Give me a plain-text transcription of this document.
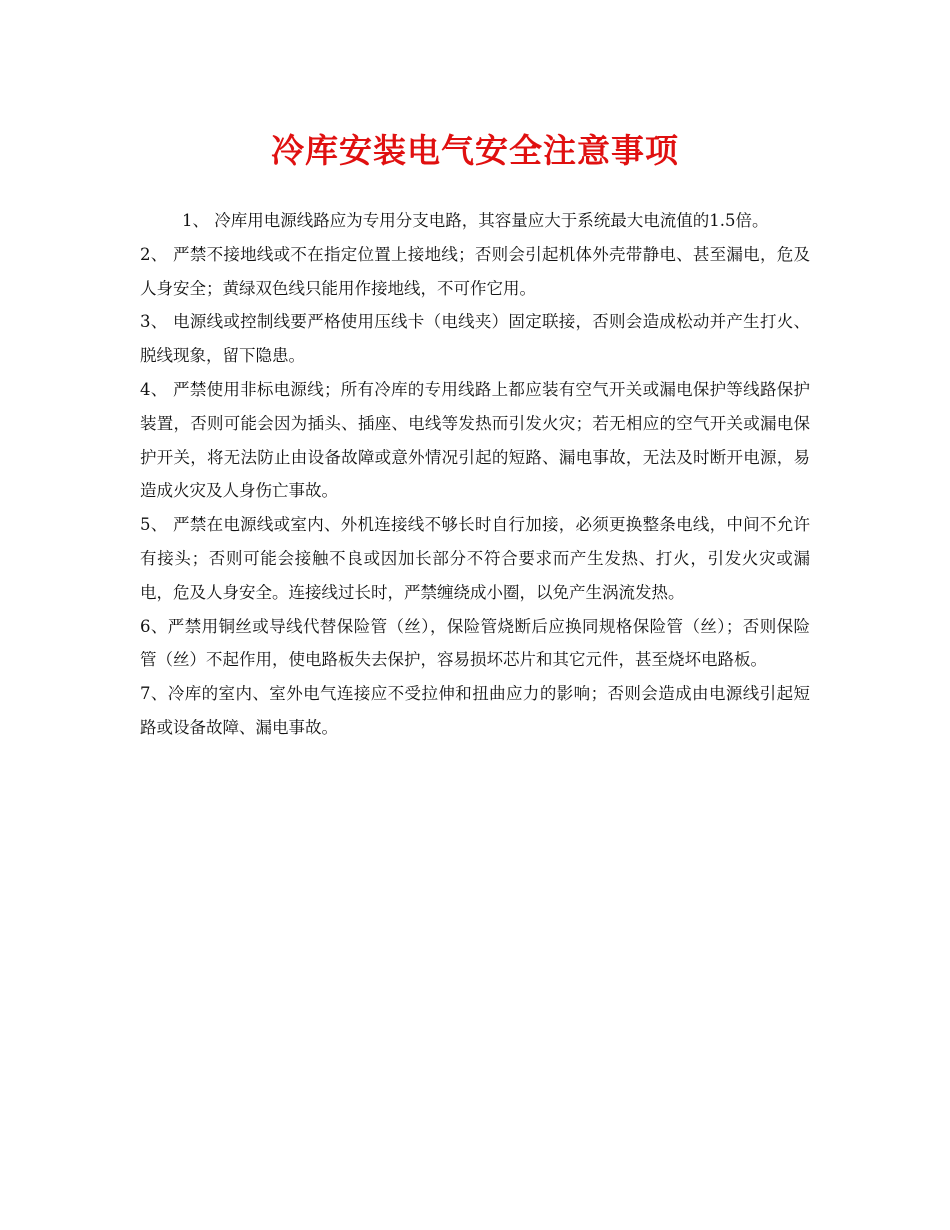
冷库安装电气安全注意事项

1、 冷库用电源线路应为专用分支电路，其容量应大于系统最大电流值的1.5倍。

2、 严禁不接地线或不在指定位置上接地线；否则会引起机体外壳带静电、甚至漏电，危及人身安全；黄绿双色线只能用作接地线，不可作它用。

3、 电源线或控制线要严格使用压线卡（电线夹）固定联接，否则会造成松动并产生打火、脱线现象，留下隐患。

4、 严禁使用非标电源线；所有冷库的专用线路上都应装有空气开关或漏电保护等线路保护装置，否则可能会因为插头、插座、电线等发热而引发火灾；若无相应的空气开关或漏电保护开关，将无法防止由设备故障或意外情况引起的短路、漏电事故，无法及时断开电源，易造成火灾及人身伤亡事故。

5、 严禁在电源线或室内、外机连接线不够长时自行加接，必须更换整条电线，中间不允许有接头；否则可能会接触不良或因加长部分不符合要求而产生发热、打火，引发火灾或漏电，危及人身安全。连接线过长时，严禁缠绕成小圈，以免产生涡流发热。

6、严禁用铜丝或导线代替保险管（丝），保险管烧断后应换同规格保险管（丝）；否则保险管（丝）不起作用，使电路板失去保护，容易损坏芯片和其它元件，甚至烧坏电路板。

7、冷库的室内、室外电气连接应不受拉伸和扭曲应力的影响；否则会造成由电源线引起短路或设备故障、漏电事故。
